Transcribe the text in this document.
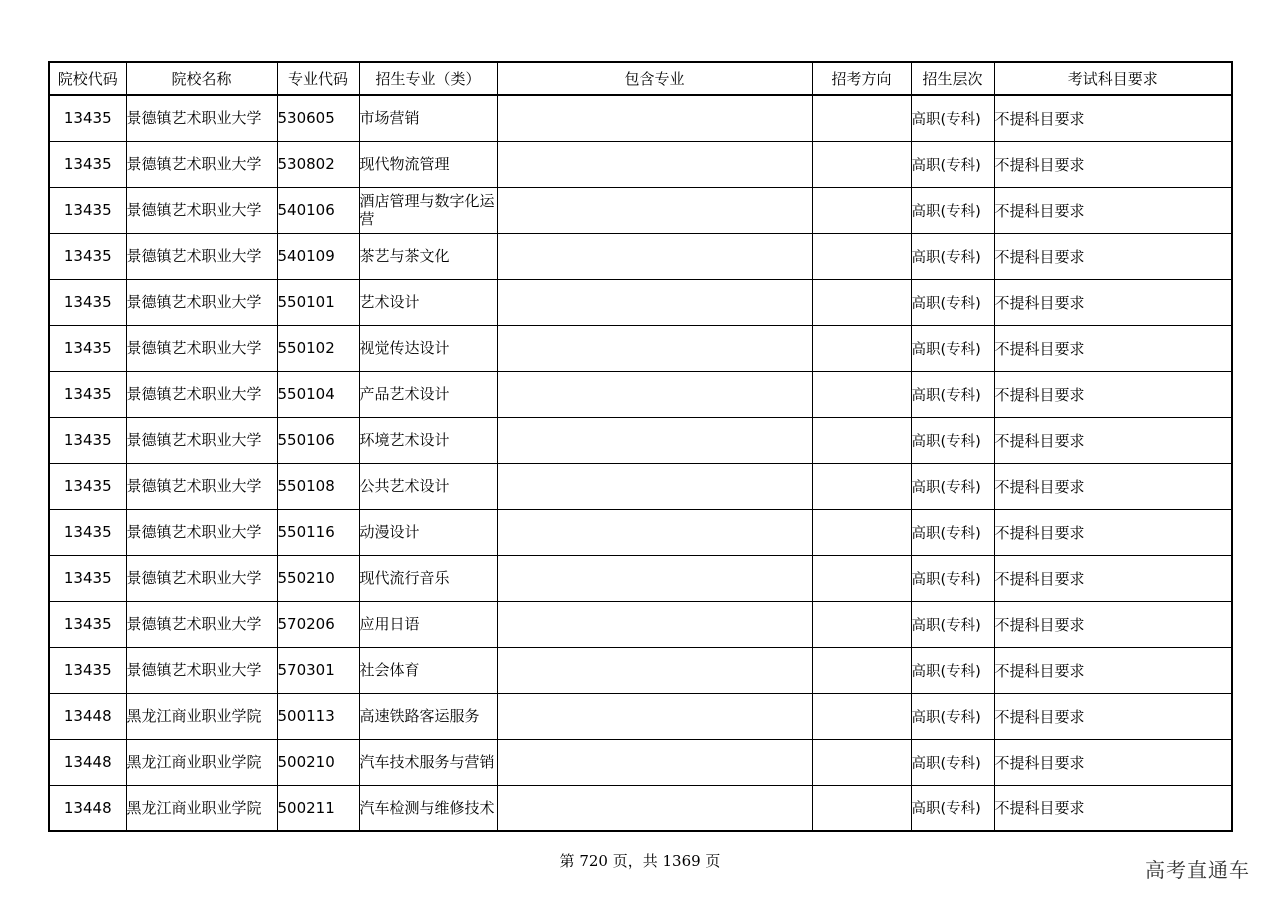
院校代码	院校名称	专业代码	招生专业（类）	包含专业	招考方向	招生层次	考试科目要求
13435	景德镇艺术职业大学	530605	市场营销			高职(专科)	不提科目要求
13435	景德镇艺术职业大学	530802	现代物流管理			高职(专科)	不提科目要求
13435	景德镇艺术职业大学	540106	酒店管理与数字化运营			高职(专科)	不提科目要求
13435	景德镇艺术职业大学	540109	茶艺与茶文化			高职(专科)	不提科目要求
13435	景德镇艺术职业大学	550101	艺术设计			高职(专科)	不提科目要求
13435	景德镇艺术职业大学	550102	视觉传达设计			高职(专科)	不提科目要求
13435	景德镇艺术职业大学	550104	产品艺术设计			高职(专科)	不提科目要求
13435	景德镇艺术职业大学	550106	环境艺术设计			高职(专科)	不提科目要求
13435	景德镇艺术职业大学	550108	公共艺术设计			高职(专科)	不提科目要求
13435	景德镇艺术职业大学	550116	动漫设计			高职(专科)	不提科目要求
13435	景德镇艺术职业大学	550210	现代流行音乐			高职(专科)	不提科目要求
13435	景德镇艺术职业大学	570206	应用日语			高职(专科)	不提科目要求
13435	景德镇艺术职业大学	570301	社会体育			高职(专科)	不提科目要求
13448	黑龙江商业职业学院	500113	高速铁路客运服务			高职(专科)	不提科目要求
13448	黑龙江商业职业学院	500210	汽车技术服务与营销			高职(专科)	不提科目要求
13448	黑龙江商业职业学院	500211	汽车检测与维修技术			高职(专科)	不提科目要求
第 720 页，共 1369 页	高考直通车
